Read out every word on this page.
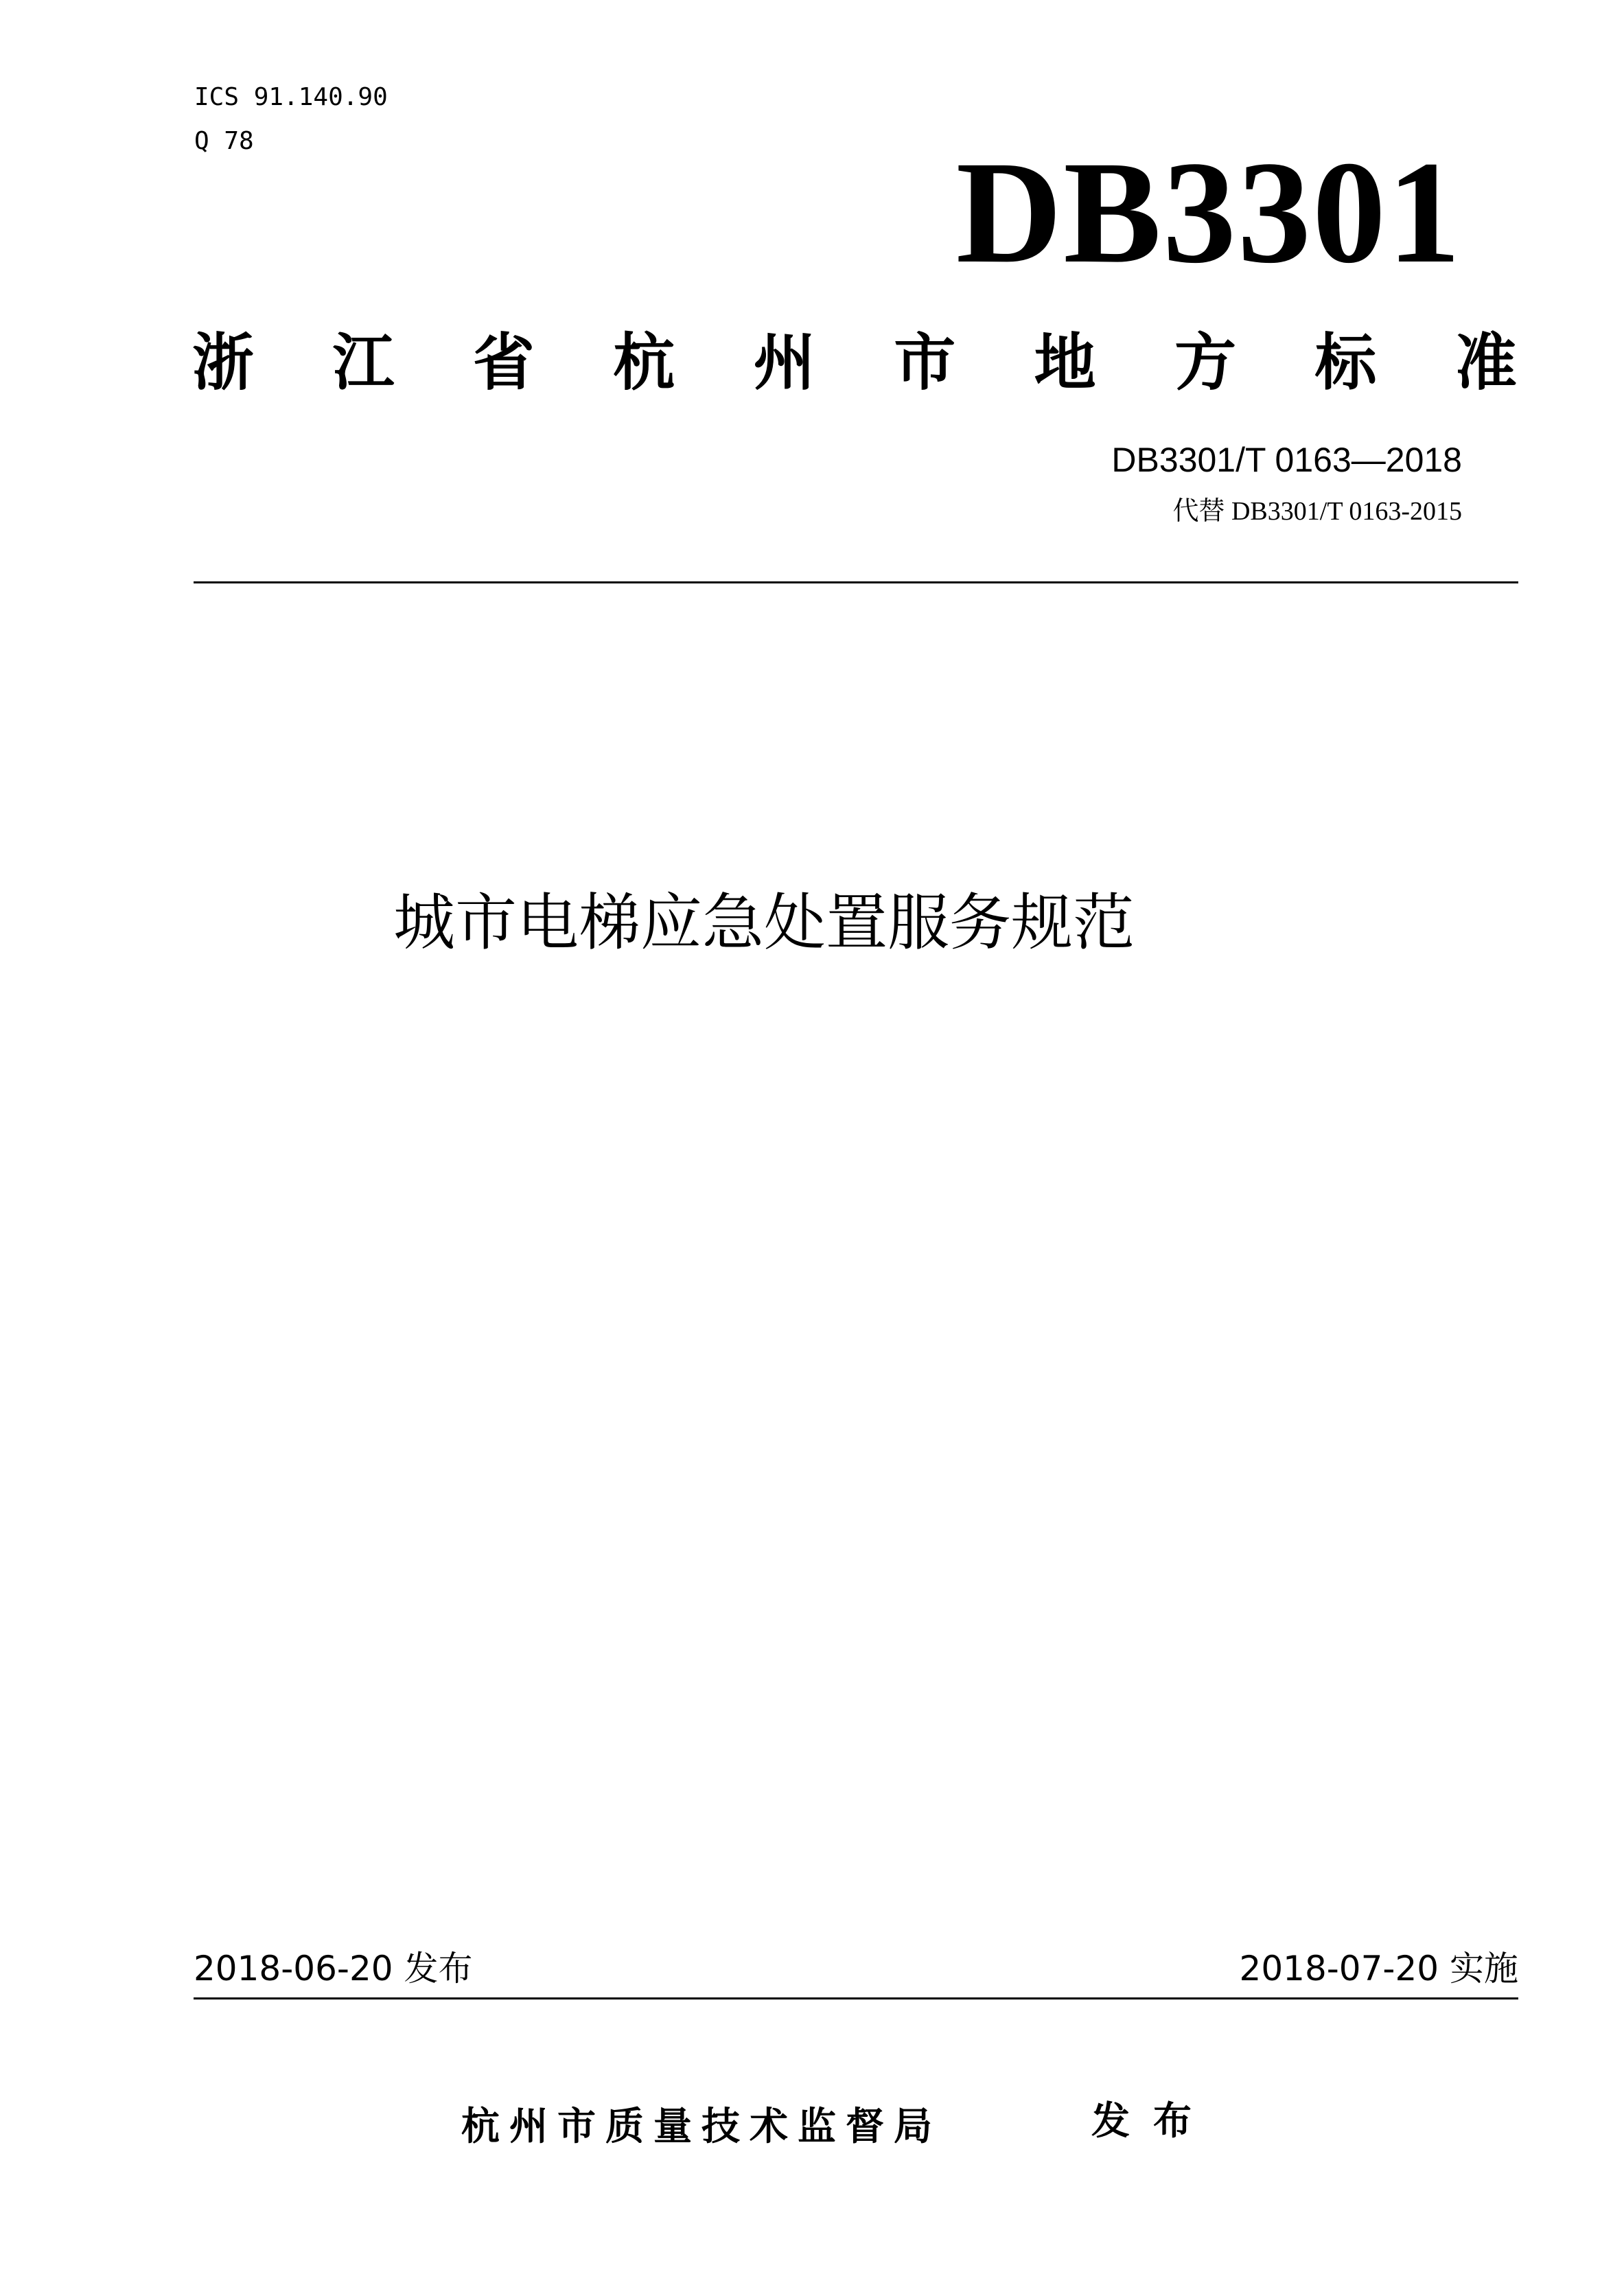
ICS 91.140.90
Q 78	DB3301
浙 江 省 杭 州 市 地 方 标 准
DB3301/T 0163—2018
代替 DB3301/T 0163-2015
城市电梯应急处置服务规范
2018-06-20 发布	2018-07-20 实施
杭州市质量技术监督局	发布
